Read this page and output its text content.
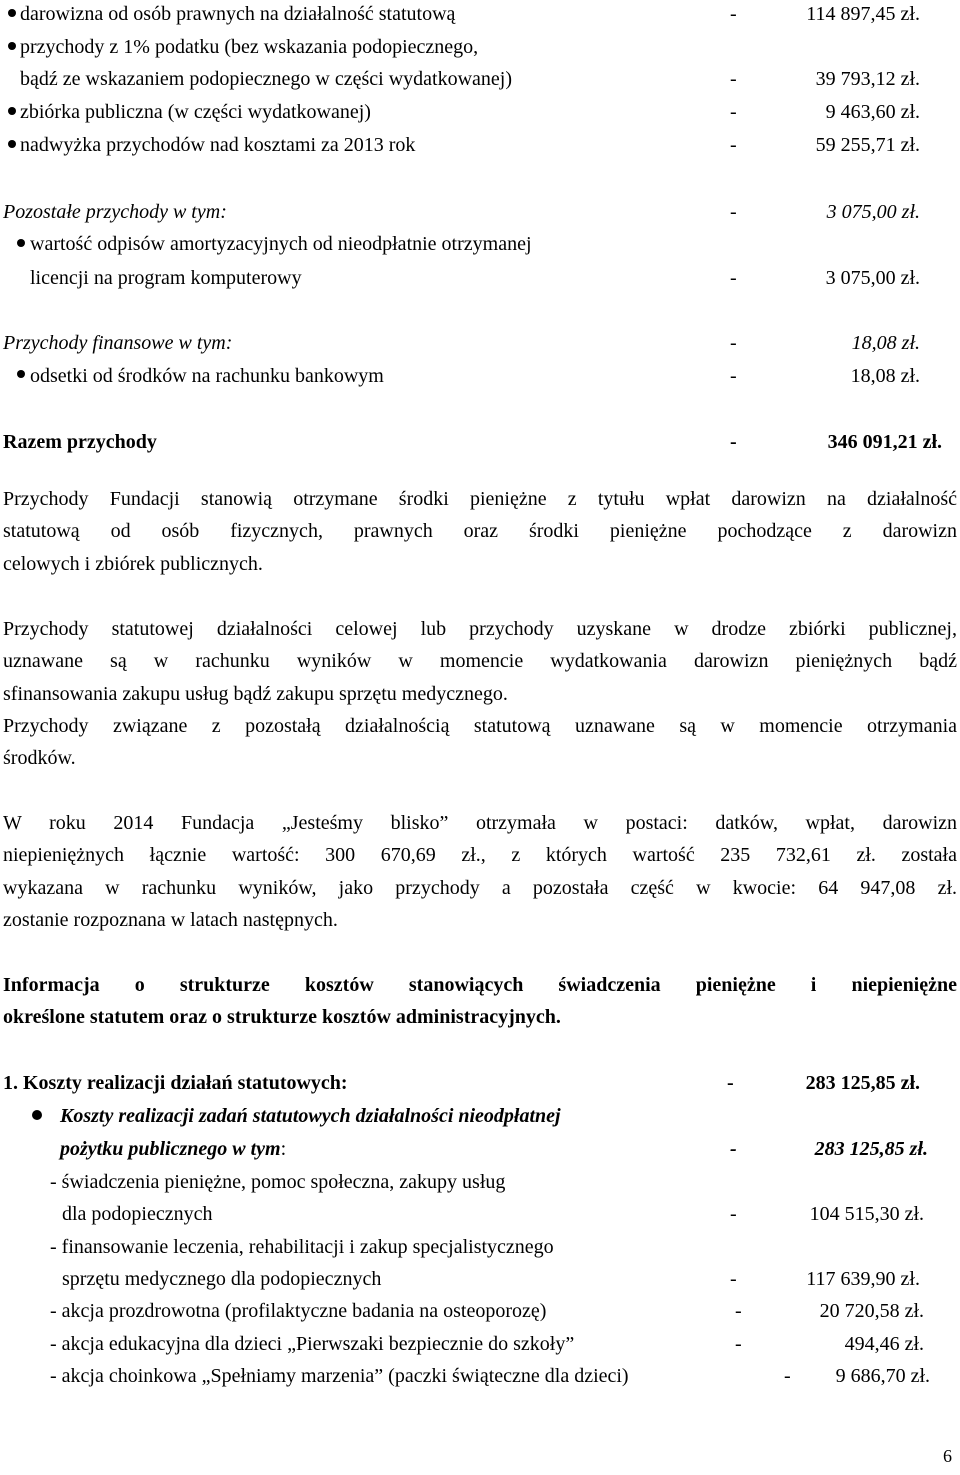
darowizna od osób prawnych na działalność statutową	-	114 897,45 zł.
przychody z 1% podatku (bez wskazania podopiecznego,
bądź ze wskazaniem podopiecznego w części wydatkowanej)	-	39 793,12 zł.
zbiórka publiczna (w części wydatkowanej)	-	9 463,60 zł.
nadwyżka przychodów nad kosztami za 2013 rok	-	59 255,71 zł.
Pozostałe przychody w tym:	-	3 075,00 zł.
wartość odpisów amortyzacyjnych od nieodpłatnie otrzymanej
licencji na program komputerowy	-	3 075,00 zł.
Przychody finansowe w tym:	-	18,08 zł.
odsetki od środków na rachunku bankowym	-	18,08 zł.
Razem przychody	-	346 091,21 zł.
Przychody Fundacji stanowią otrzymane środki pieniężne z tytułu wpłat darowizn na działalność
statutową od osób fizycznych, prawnych oraz środki pieniężne pochodzące z darowizn
celowych i zbiórek publicznych.
Przychody statutowej działalności celowej lub przychody uzyskane w drodze zbiórki publicznej,
uznawane są w rachunku wyników w momencie wydatkowania darowizn pieniężnych bądź
sfinansowania zakupu usług bądź zakupu sprzętu medycznego.
Przychody związane z pozostałą działalnością statutową uznawane są w momencie otrzymania
środków.
W roku 2014 Fundacja „Jesteśmy blisko” otrzymała w postaci: datków, wpłat, darowizn
niepieniężnych łącznie wartość: 300 670,69 zł., z których wartość 235 732,61 zł. została
wykazana w rachunku wyników, jako przychody a pozostała część w kwocie: 64 947,08 zł.
zostanie rozpoznana w latach następnych.
Informacja o strukturze kosztów stanowiących świadczenia pieniężne i niepieniężne
określone statutem oraz o strukturze kosztów administracyjnych.
1. Koszty realizacji działań statutowych:	-	283 125,85 zł.
Koszty realizacji zadań statutowych działalności nieodpłatnej
pożytku publicznego w tym:	-	283 125,85 zł.
- świadczenia pieniężne, pomoc społeczna, zakupy usług
dla podopiecznych	-	104 515,30 zł.
- finansowanie leczenia, rehabilitacji i zakup specjalistycznego
sprzętu medycznego dla podopiecznych	-	117 639,90 zł.
- akcja prozdrowotna (profilaktyczne badania na osteoporozę)	-	20 720,58 zł.
- akcja edukacyjna dla dzieci „Pierwszaki bezpiecznie do szkoły”	-	494,46 zł.
- akcja choinkowa „Spełniamy marzenia” (paczki świąteczne dla dzieci)	- 9 686,70 zł.
6
